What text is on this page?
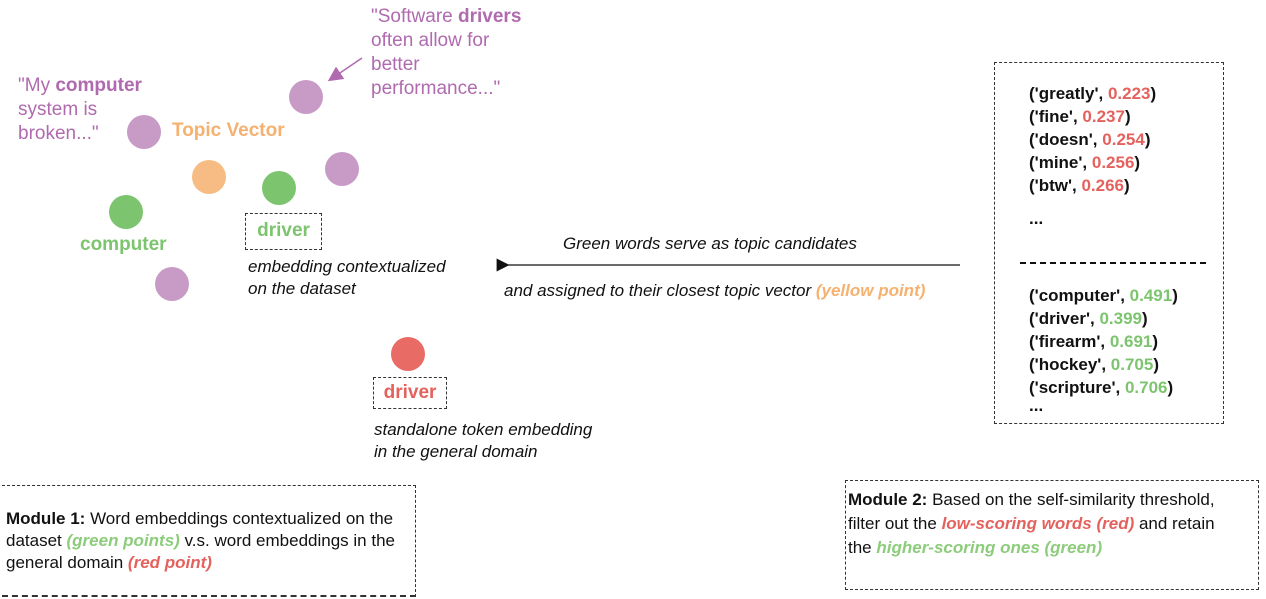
"Software drivers
often allow for
better
performance..."
"My computer
system is
broken..."	Topic Vector
computer
driver
embedding contextualized
on the dataset
driver
standalone token embedding
in the general domain
Green words serve as topic candidates
and assigned to their closest topic vector (yellow point)
('greatly', 0.223)
('fine', 0.237)
('doesn', 0.254)
('mine', 0.256)
('btw', 0.266)
...
('computer', 0.491)
('driver', 0.399)
('firearm', 0.691)
('hockey', 0.705)
('scripture', 0.706)
...
Module 1: Word embeddings contextualized on the dataset (green points) v.s. word embeddings in the general domain (red point)
Module 2: Based on the self-similarity threshold, filter out the low-scoring words (red) and retain the higher-scoring ones (green)
